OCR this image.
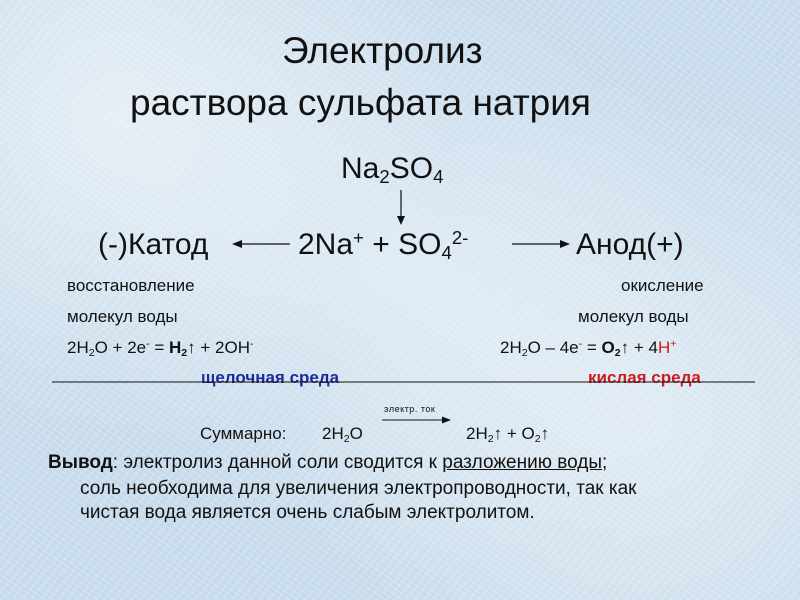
Электролиз
раствора сульфата натрия
$Na_2SO_4$
(-)Катод	$2Na^+ + SO_4^{2-}$	Анод(+)
восстановление
молекул воды
$2H_2O + 2e^-$ = $H_2↑ + 2OH^-$
щелочная среда
окисление
молекул воды
$2H_2O - 4e^-$ = $O_2↑ + 4H^+$
кислая среда
Суммарно: $2H_2O$
электр. ток
$2H_2↑$ + $O_2↑$
Вывод: электролиз данной соли сводится к разложению воды;
соль необходима для увеличения электропроводности, так как
чистая вода является очень слабым электролитом.
